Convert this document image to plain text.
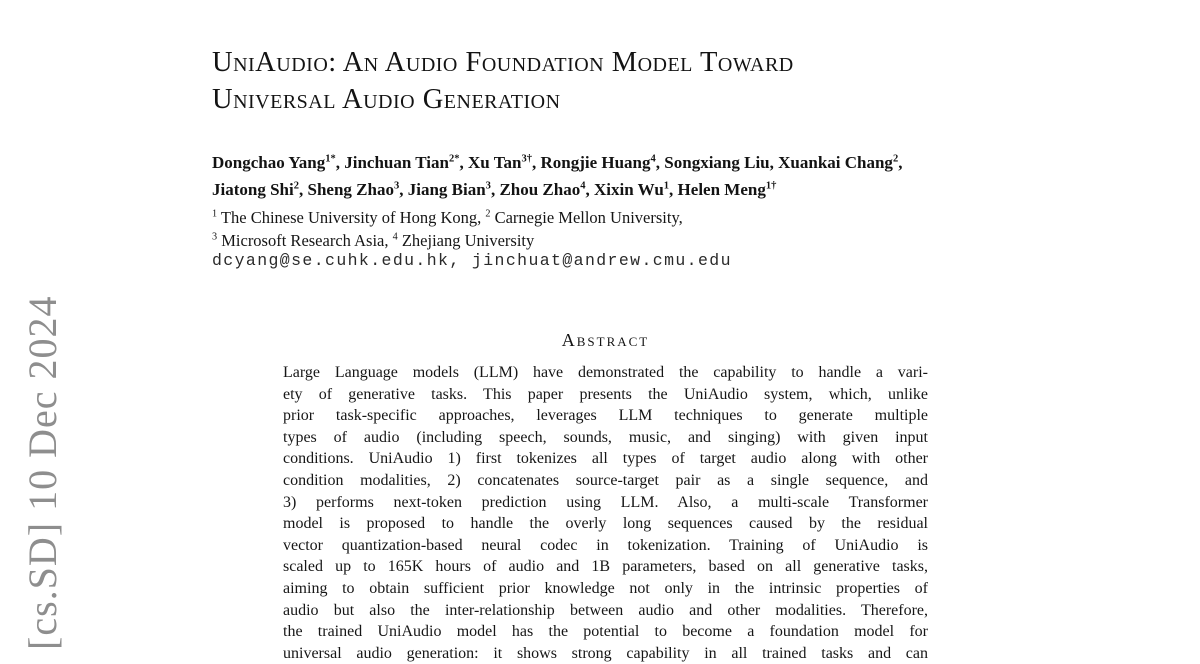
[cs.SD] 10 Dec 2024
UniAudio: An Audio Foundation Model Toward
Universal Audio Generation
Dongchao Yang$^{1*}$, Jinchuan Tian$^{2*}$, Xu Tan$^{3\dagger}$, Rongjie Huang$^4$, Songxiang Liu, Xuankai Chang$^2$,
Jiatong Shi$^2$, Sheng Zhao$^3$, Jiang Bian$^3$, Zhou Zhao$^4$, Xixin Wu$^1$, Helen Meng$^{1\dagger}$
$^1$ The Chinese University of Hong Kong, $^2$ Carnegie Mellon University,
$^3$ Microsoft Research Asia, $^4$ Zhejiang University
dcyang@se.cuhk.edu.hk, jinchuat@andrew.cmu.edu
Abstract
Large Language models (LLM) have demonstrated the capability to handle a vari-
ety of generative tasks. This paper presents the UniAudio system, which, unlike
prior task-specific approaches, leverages LLM techniques to generate multiple
types of audio (including speech, sounds, music, and singing) with given input
conditions. UniAudio 1) first tokenizes all types of target audio along with other
condition modalities, 2) concatenates source-target pair as a single sequence, and
3) performs next-token prediction using LLM. Also, a multi-scale Transformer
model is proposed to handle the overly long sequences caused by the residual
vector quantization-based neural codec in tokenization. Training of UniAudio is
scaled up to 165K hours of audio and 1B parameters, based on all generative tasks,
aiming to obtain sufficient prior knowledge not only in the intrinsic properties of
audio but also the inter-relationship between audio and other modalities. Therefore,
the trained UniAudio model has the potential to become a foundation model for
universal audio generation: it shows strong capability in all trained tasks and can
